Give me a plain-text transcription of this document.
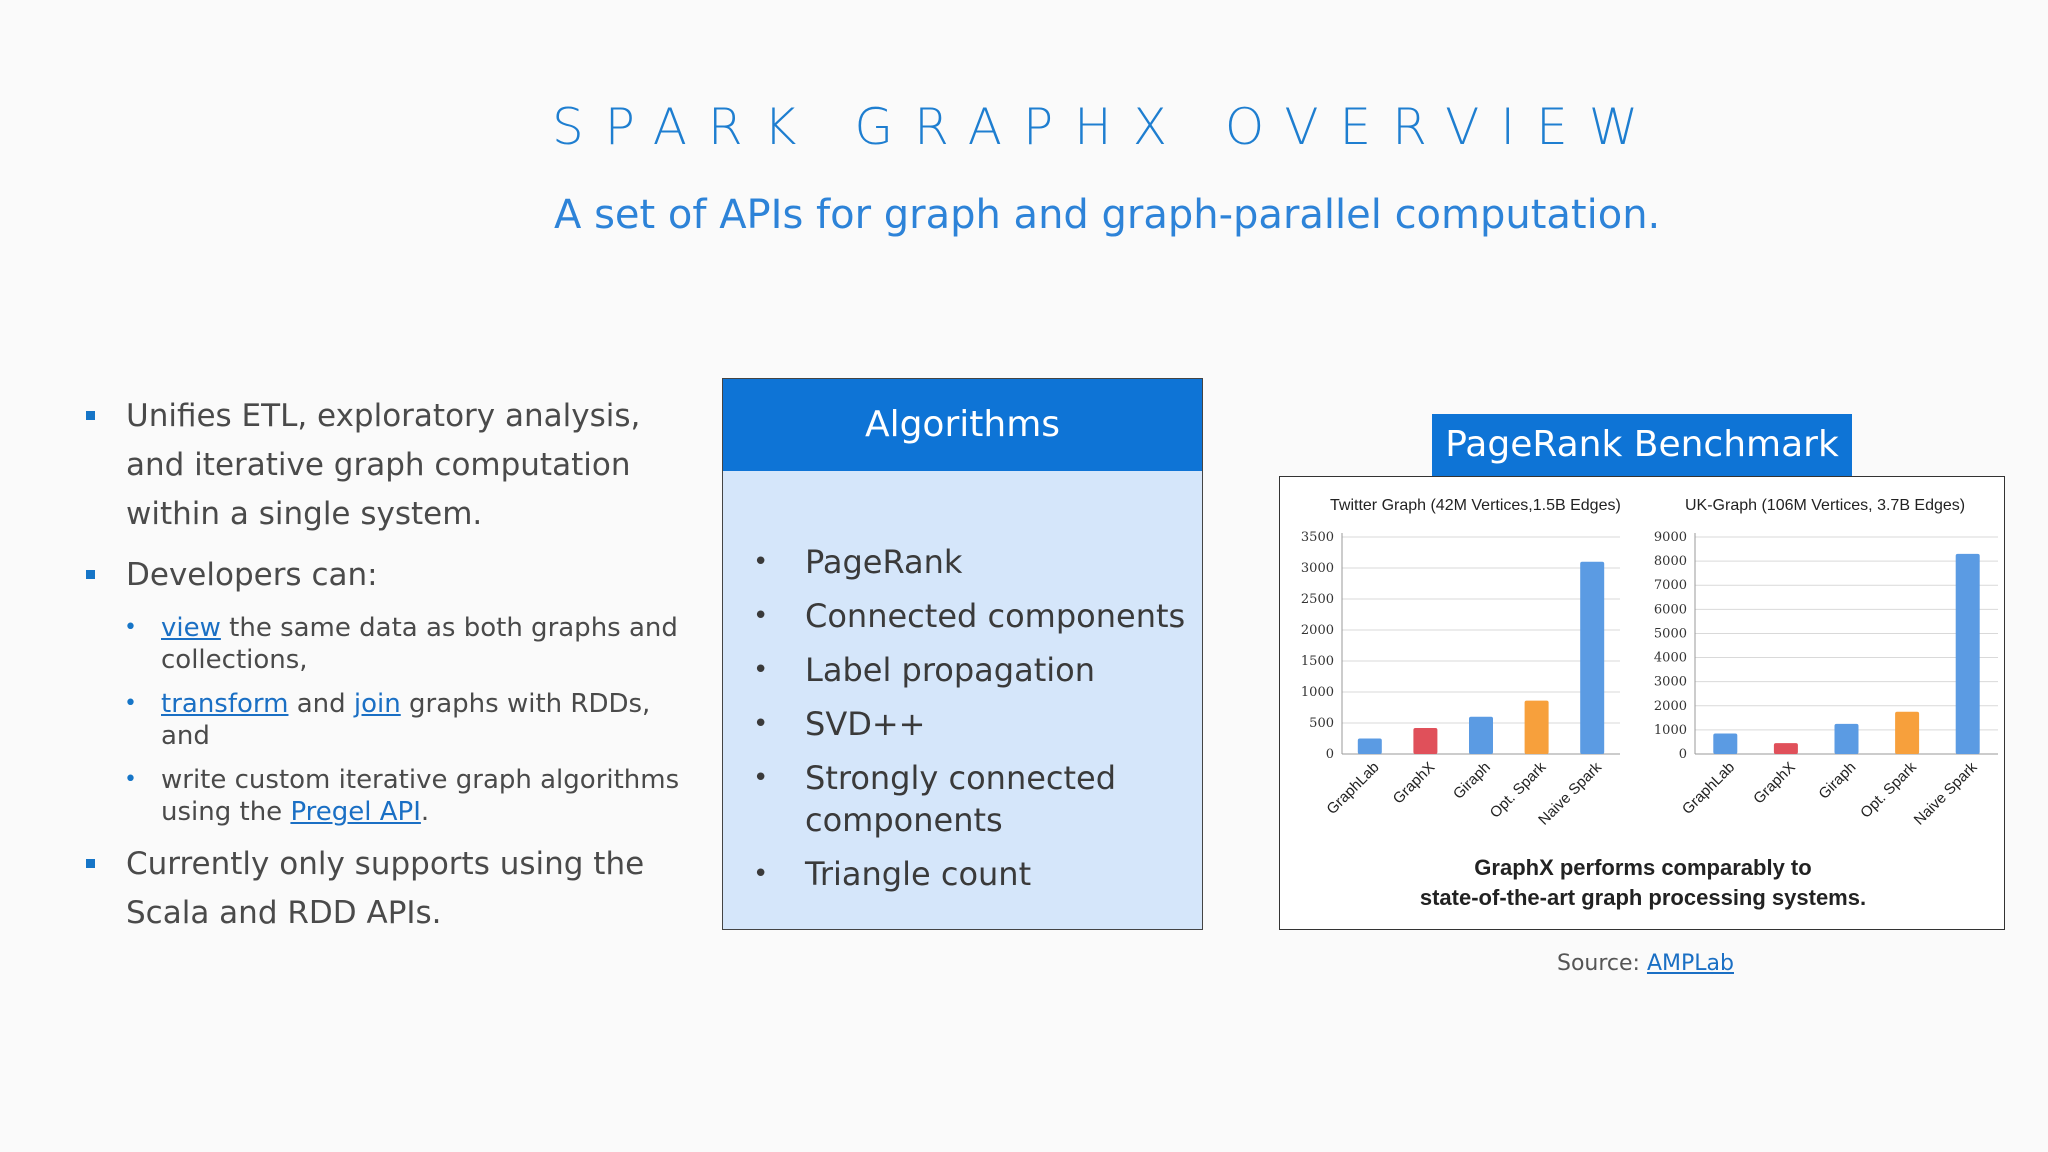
SPARK GRAPHX OVERVIEW
A set of APIs for graph and graph-parallel computation.
Unifies ETL, exploratory analysis, and iterative graph computation within a single system.
Developers can:
• view the same data as both graphs and collections,
• transform and join graphs with RDDs, and
• write custom iterative graph algorithms using the Pregel API.
Currently only supports using the Scala and RDD APIs.
Algorithms
• PageRank
• Connected components
• Label propagation
• SVD++
• Strongly connected components
• Triangle count
PageRank Benchmark
Twitter Graph (42M Vertices,1.5B Edges)
0
500
1000
1500
2000
2500
3000
3500
GraphLab GraphX Giraph
Opt. Spark
Naive Spark
UK-Graph (106M Vertices, 3.7B Edges)
0
1000
2000
3000
4000
5000
6000
7000
8000
9000
GraphLab GraphX Giraph
Opt. Spark
Naive Spark
GraphX performs comparably to
state-of-the-art graph processing systems.
Source: AMPLab
